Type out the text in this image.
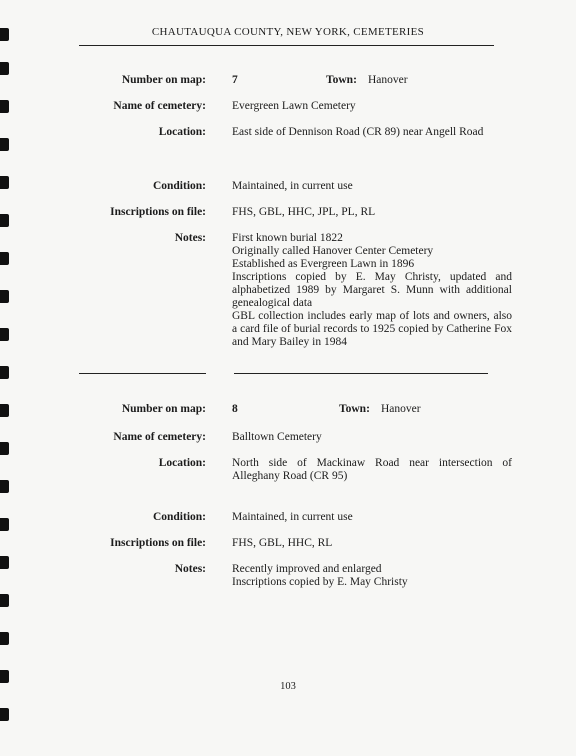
CHAUTAUQUA COUNTY, NEW YORK, CEMETERIES
Number on map: 7	Town: Hanover
Name of cemetery: Evergreen Lawn Cemetery
Location: East side of Dennison Road (CR 89) near Angell Road
Condition: Maintained, in current use
Inscriptions on file: FHS, GBL, HHC, JPL, PL, RL
Notes: First known burial 1822
Originally called Hanover Center Cemetery
Established as Evergreen Lawn in 1896
Inscriptions copied by E. May Christy, updated and alphabetized 1989 by Margaret S. Munn with additional genealogical data
GBL collection includes early map of lots and owners, also a card file of burial records to 1925 copied by Catherine Fox and Mary Bailey in 1984
Number on map: 8	Town: Hanover
Name of cemetery: Balltown Cemetery
Location: North side of Mackinaw Road near intersection of Alleghany Road (CR 95)
Condition: Maintained, in current use
Inscriptions on file: FHS, GBL, HHC, RL
Notes: Recently improved and enlarged
Inscriptions copied by E. May Christy
103
